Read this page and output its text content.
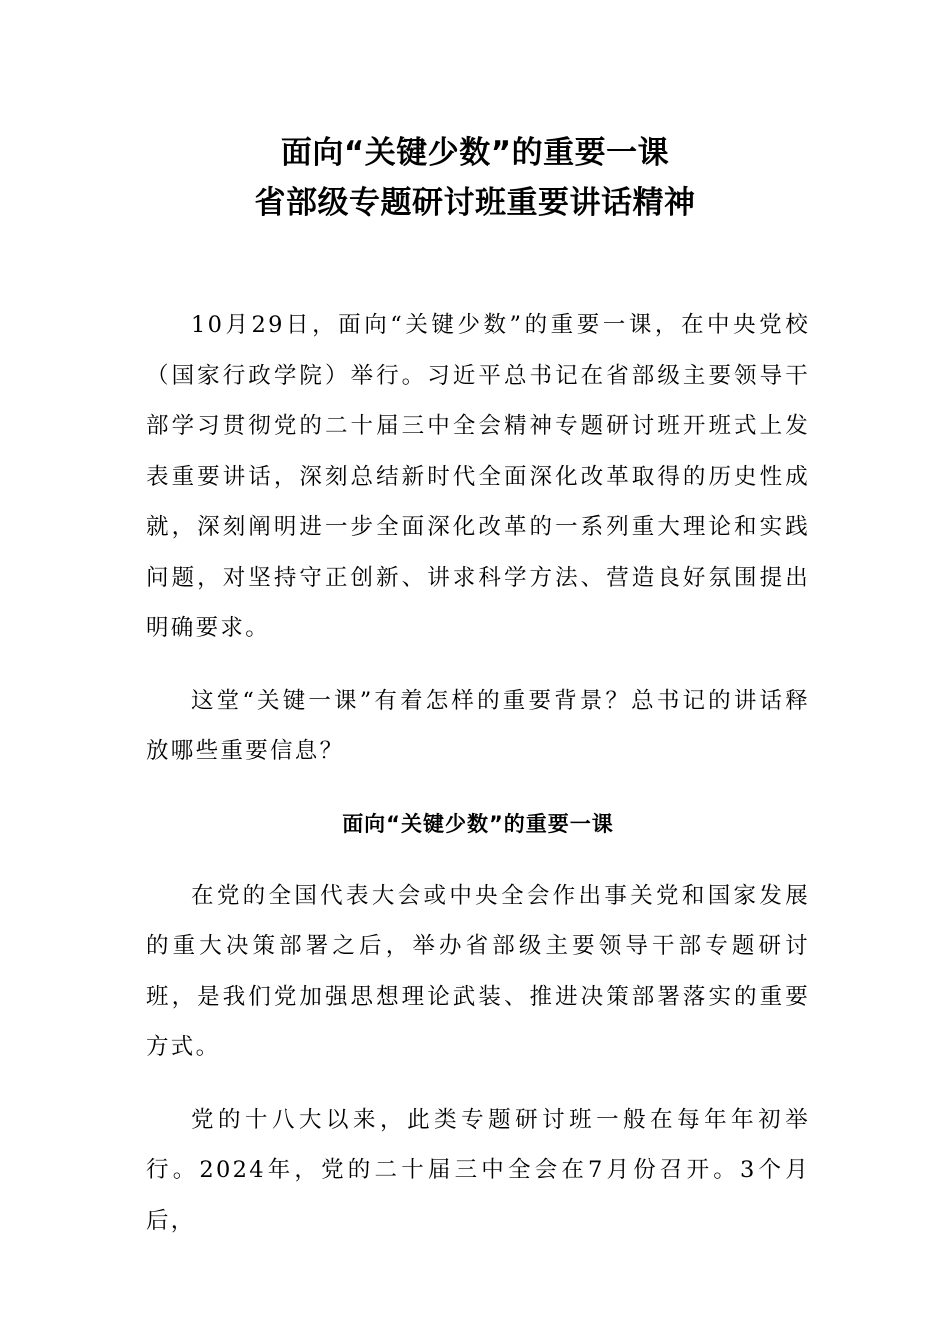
面向“关键少数”的重要一课

省部级专题研讨班重要讲话精神

10月29日，面向“关键少数”的重要一课，在中央党校（国家行政学院）举行。习近平总书记在省部级主要领导干部学习贯彻党的二十届三中全会精神专题研讨班开班式上发表重要讲话，深刻总结新时代全面深化改革取得的历史性成就，深刻阐明进一步全面深化改革的一系列重大理论和实践问题，对坚持守正创新、讲求科学方法、营造良好氛围提出明确要求。

这堂“关键一课”有着怎样的重要背景？总书记的讲话释放哪些重要信息？

面向“关键少数”的重要一课

在党的全国代表大会或中央全会作出事关党和国家发展的重大决策部署之后，举办省部级主要领导干部专题研讨班，是我们党加强思想理论武装、推进决策部署落实的重要方式。

党的十八大以来，此类专题研讨班一般在每年年初举行。2024年，党的二十届三中全会在7月份召开。3个月后，
